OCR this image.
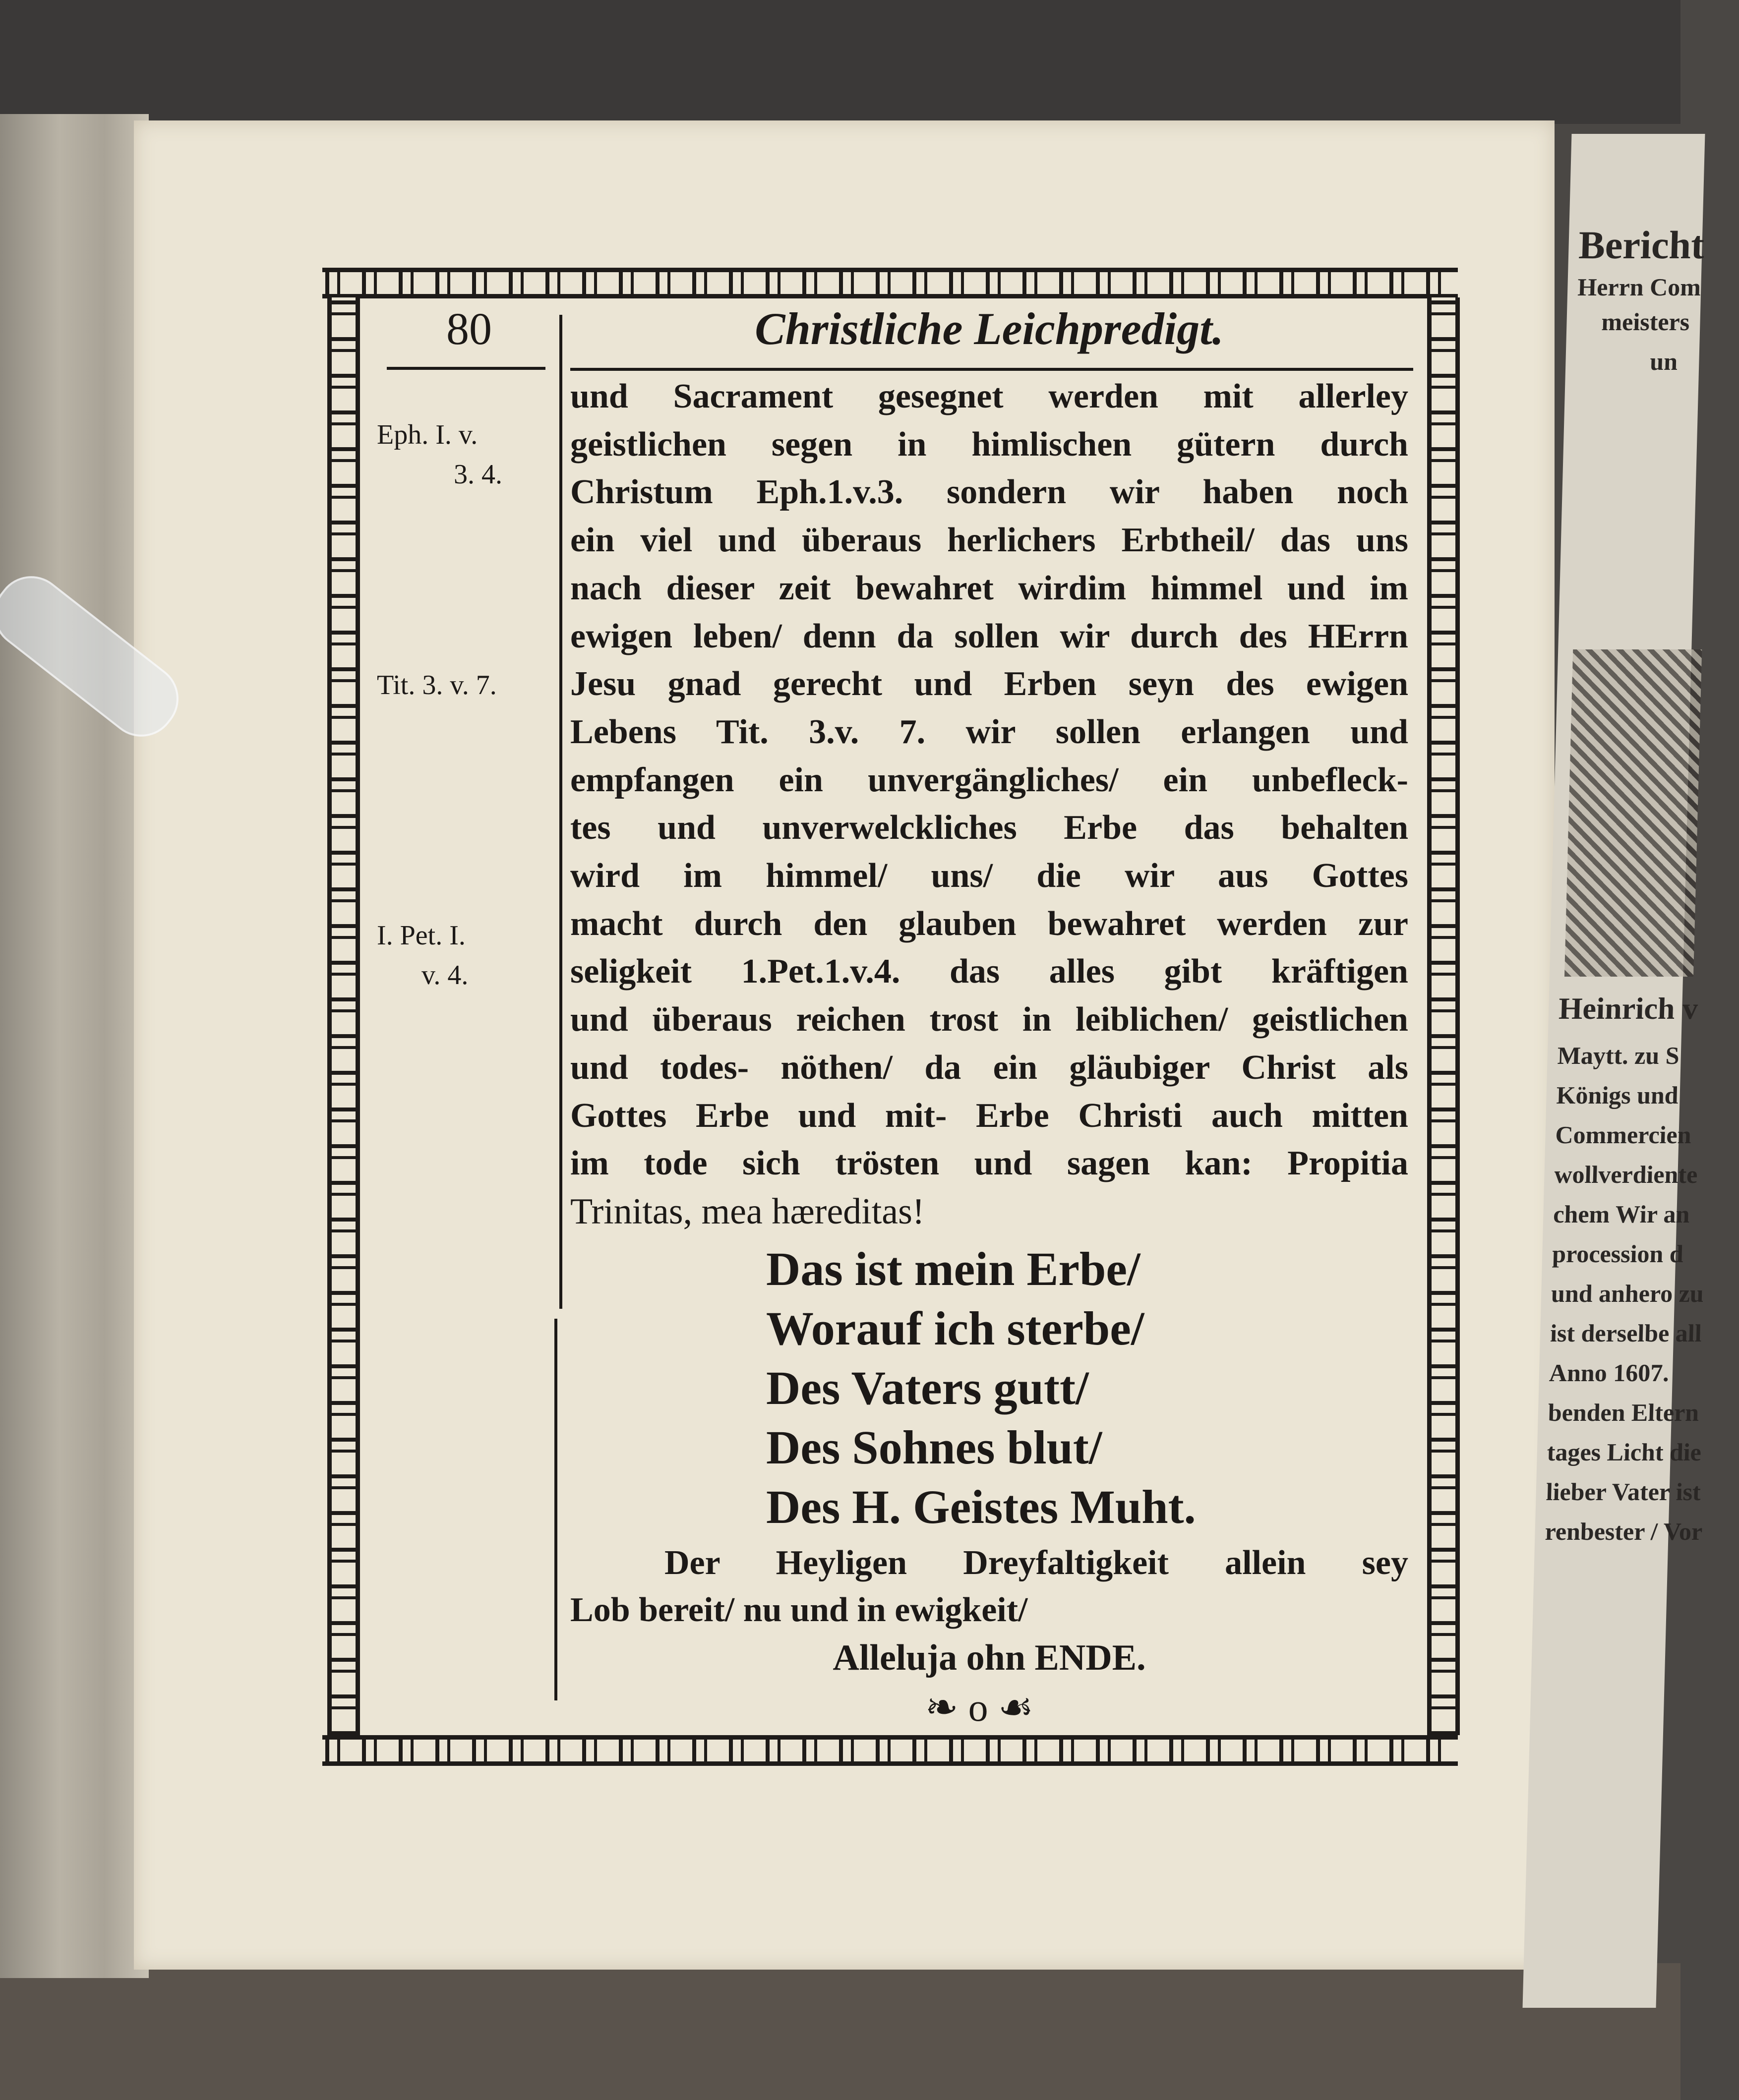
Bericht
Herrn Com
meisters
un
Heinrich v
Maytt. zu S
Königs und
Commercien
wollverdiente
chem Wir an
procession d
und anhero zu
ist derselbe all
Anno 1607.
benden Eltern
tages Licht die
lieber Vater ist
renbester / Vor
80	Christliche Leichpredigt.
Eph. I. v.
3. 4.
Tit. 3. v. 7.
I. Pet. I.
v. 4.
und Sacrament gesegnet werden mit allerley
geistlichen segen in himlischen gütern durch
Christum Eph.1.v.3. sondern wir haben noch
ein viel und überaus herlichers Erbtheil/ das uns
nach dieser zeit bewahret wirdim himmel und im
ewigen leben/ denn da sollen wir durch des HErrn
Jesu gnad gerecht und Erben seyn des ewigen
Lebens Tit. 3.v. 7. wir sollen erlangen und
empfangen ein unvergängliches/ ein unbefleck-
tes und unverwelckliches Erbe das behalten
wird im himmel/ uns/ die wir aus Gottes
macht durch den glauben bewahret werden zur
seligkeit 1.Pet.1.v.4. das alles gibt kräftigen
und überaus reichen trost in leiblichen/ geistlichen
und todes- nöthen/ da ein gläubiger Christ als
Gottes Erbe und mit- Erbe Christi auch mitten
im tode sich trösten und sagen kan: Propitia
Trinitas, mea hæreditas!
Das ist mein Erbe/
Worauf ich sterbe/
Des Vaters gutt/
Des Sohnes blut/
Des H. Geistes Muht.
Der Heyligen Dreyfaltigkeit allein sey
Lob bereit/ nu und in ewigkeit/
Alleluja ohn ENDE.
❧ o ☙
